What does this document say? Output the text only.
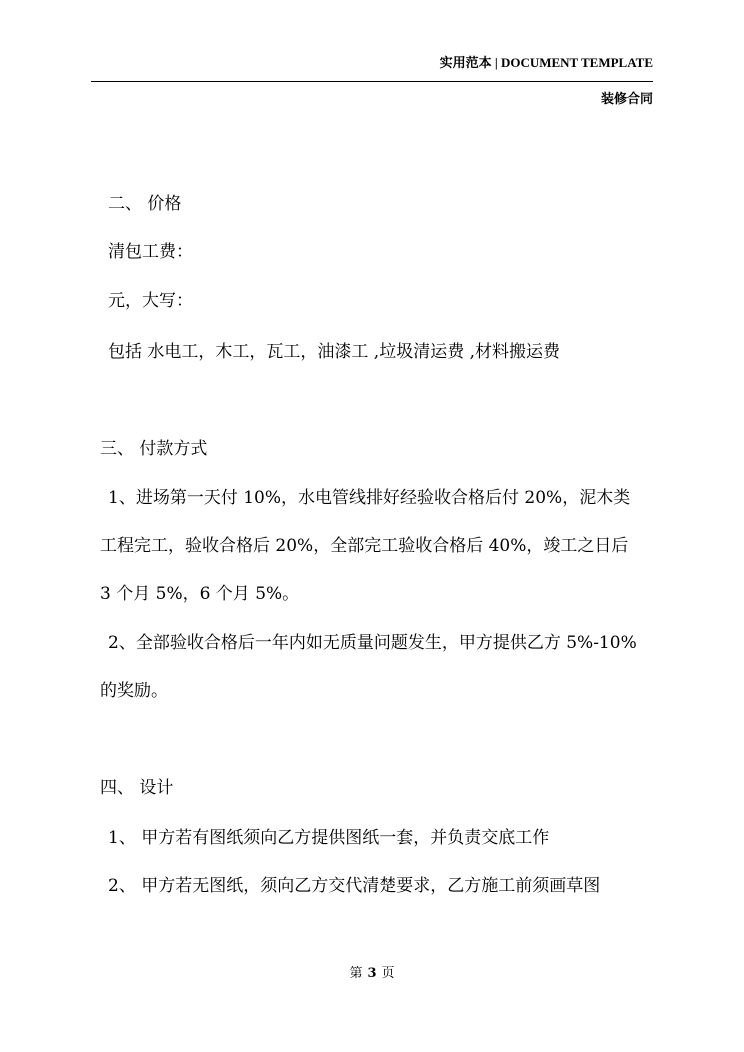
实用范本 | DOCUMENT TEMPLATE
装修合同
二、 价格
清包工费：
元，大写：
包括 水电工，木工，瓦工，油漆工 ,垃圾清运费 ,材料搬运费
三、 付款方式
1、进场第一天付 10%，水电管线排好经验收合格后付 20%，泥木类
工程完工，验收合格后 20%，全部完工验收合格后 40%，竣工之日后
3 个月 5%，6 个月 5%。
2、全部验收合格后一年内如无质量问题发生，甲方提供乙方 5%-10%
的奖励。
四、 设计
1、 甲方若有图纸须向乙方提供图纸一套，并负责交底工作
2、 甲方若无图纸，须向乙方交代清楚要求，乙方施工前须画草图
第 3 页
